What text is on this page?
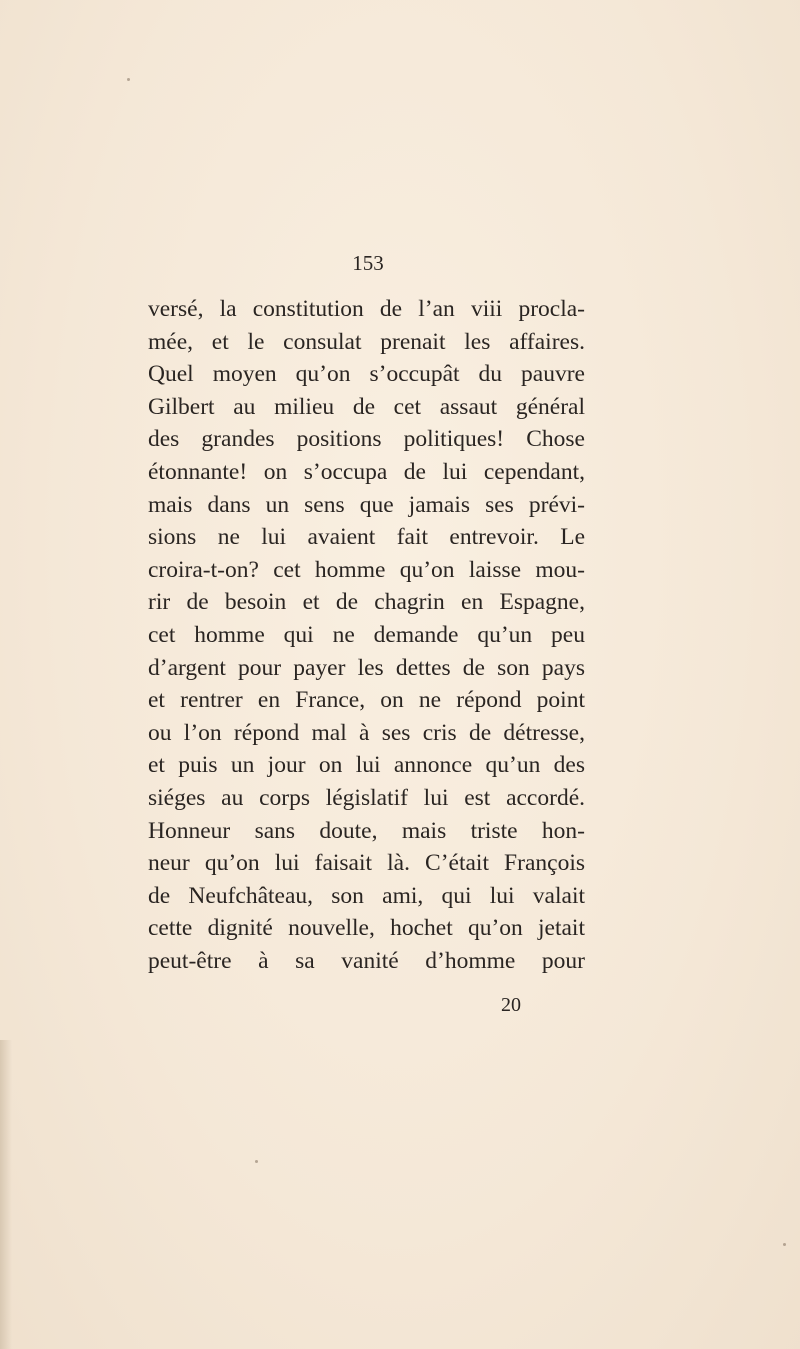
153
versé, la constitution de l’an viii procla-
mée, et le consulat prenait les affaires.
Quel moyen qu’on s’occupât du pauvre
Gilbert au milieu de cet assaut général
des grandes positions politiques! Chose
étonnante! on s’occupa de lui cependant,
mais dans un sens que jamais ses prévi-
sions ne lui avaient fait entrevoir. Le
croira-t-on? cet homme qu’on laisse mou-
rir de besoin et de chagrin en Espagne,
cet homme qui ne demande qu’un peu
d’argent pour payer les dettes de son pays
et rentrer en France, on ne répond point
ou l’on répond mal à ses cris de détresse,
et puis un jour on lui annonce qu’un des
siéges au corps législatif lui est accordé.
Honneur sans doute, mais triste hon-
neur qu’on lui faisait là. C’était François
de Neufchâteau, son ami, qui lui valait
cette dignité nouvelle, hochet qu’on jetait
peut-être à sa vanité d’homme pour
20
